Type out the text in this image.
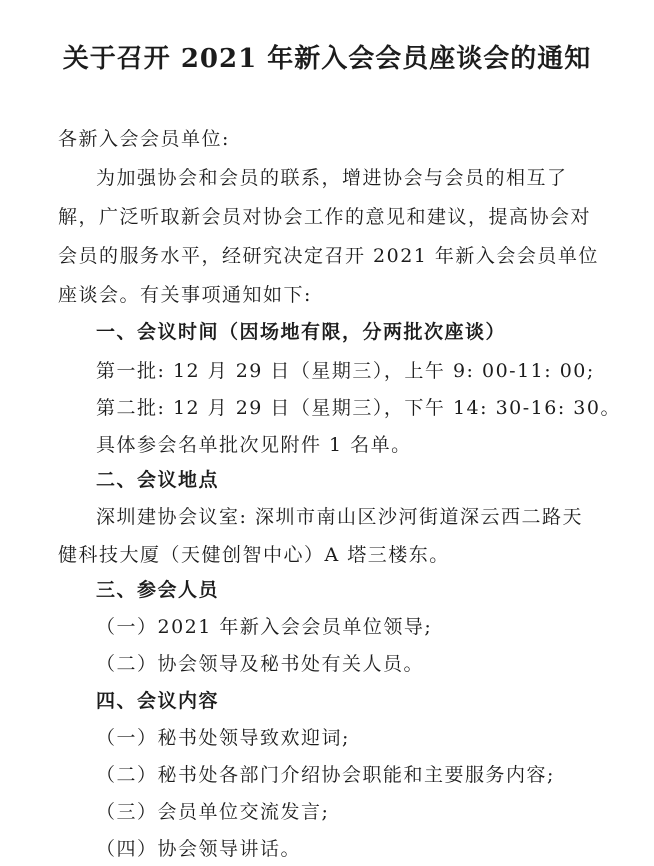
关于召开 2021 年新入会会员座谈会的通知
各新入会会员单位:
为加强协会和会员的联系，增进协会与会员的相互了
解，广泛听取新会员对协会工作的意见和建议，提高协会对
会员的服务水平，经研究决定召开 2021 年新入会会员单位
座谈会。有关事项通知如下:
一、会议时间（因场地有限，分两批次座谈）
第一批: 12 月 29 日（星期三），上午 9: 00-11: 00;
第二批: 12 月 29 日（星期三），下午 14: 30-16: 30。
具体参会名单批次见附件 1 名单。
二、会议地点
深圳建协会议室: 深圳市南山区沙河街道深云西二路天
健科技大厦（天健创智中心）A 塔三楼东。
三、参会人员
（一）2021 年新入会会员单位领导;
（二）协会领导及秘书处有关人员。
四、会议内容
（一）秘书处领导致欢迎词;
（二）秘书处各部门介绍协会职能和主要服务内容;
（三）会员单位交流发言;
（四）协会领导讲话。
